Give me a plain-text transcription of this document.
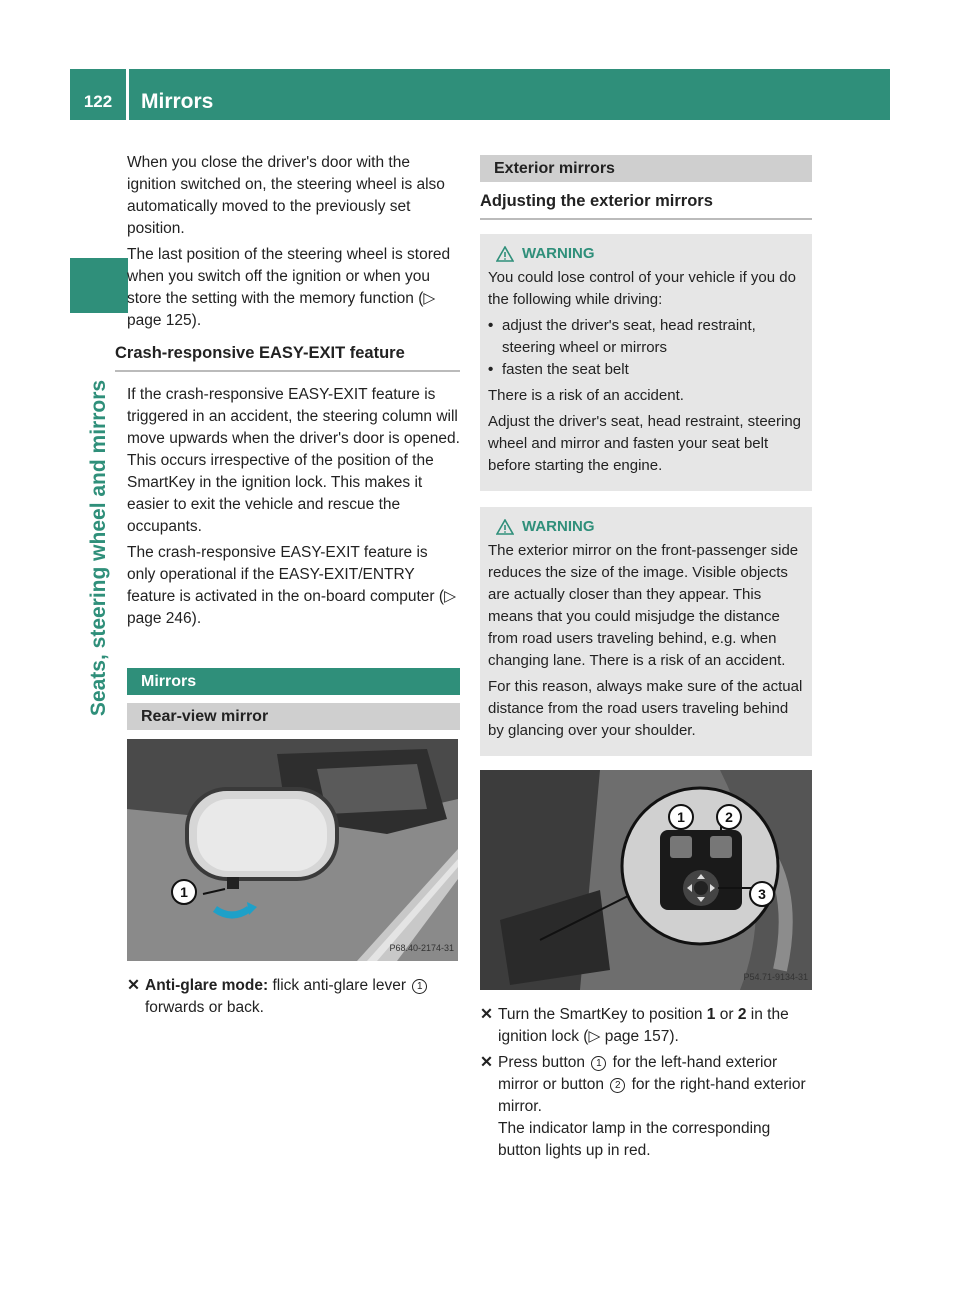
122	Mirrors
Seats, steering wheel and mirrors

When you close the driver's door with the ignition switched on, the steering wheel is also automatically moved to the previously set position.

The last position of the steering wheel is stored when you switch off the ignition or when you store the setting with the memory function (▷ page 125).

Crash-responsive EASY-EXIT feature

If the crash-responsive EASY-EXIT feature is triggered in an accident, the steering column will move upwards when the driver's door is opened. This occurs irrespective of the position of the SmartKey in the ignition lock. This makes it easier to exit the vehicle and rescue the occupants.

The crash-responsive EASY-EXIT feature is only operational if the EASY-EXIT/ENTRY feature is activated in the on-board computer (▷ page 246).

Mirrors
Rear-view mirror
1
P68.40-2174-31
✕ Anti-glare mode: flick anti-glare lever 1 forwards or back.
Exterior mirrors
Adjusting the exterior mirrors
WARNING

You could lose control of your vehicle if you do the following while driving:

• adjust the driver's seat, head restraint, steering wheel or mirrors
• fasten the seat belt

There is a risk of an accident.

Adjust the driver's seat, head restraint, steering wheel and mirror and fasten your seat belt before starting the engine.

WARNING

The exterior mirror on the front-passenger side reduces the size of the image. Visible objects are actually closer than they appear. This means that you could misjudge the distance from road users traveling behind, e.g. when changing lane. There is a risk of an accident.

For this reason, always make sure of the actual distance from the road users traveling behind by glancing over your shoulder.

1	2
3
P54.71-9134-31
✕ Turn the SmartKey to position 1 or 2 in the ignition lock (▷ page 157).
✕ Press button 1 for the left-hand exterior mirror or button 2 for the right-hand exterior mirror.
The indicator lamp in the corresponding button lights up in red.
